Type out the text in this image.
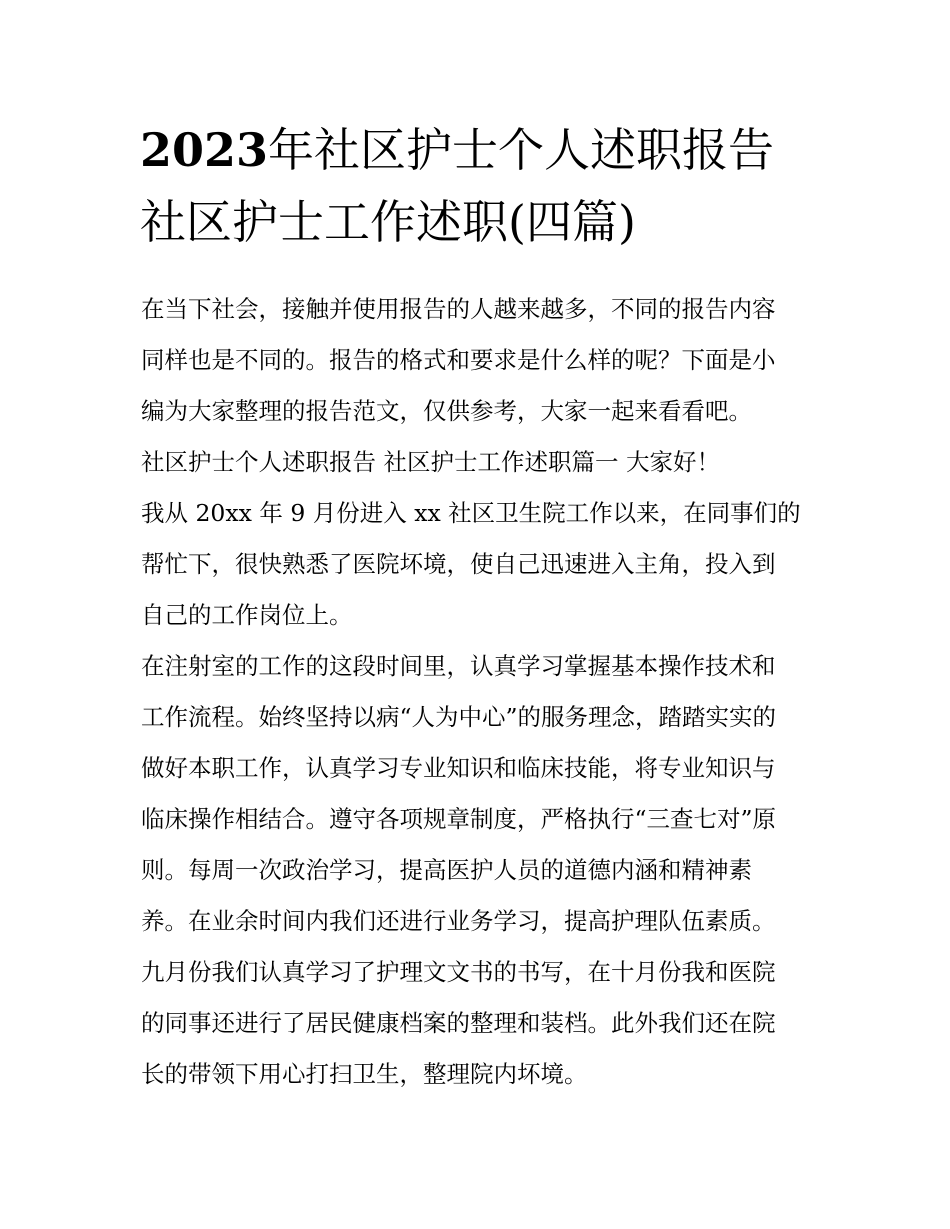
2023年社区护士个人述职报告
社区护士工作述职(四篇)
在当下社会，接触并使用报告的人越来越多，不同的报告内容
同样也是不同的。报告的格式和要求是什么样的呢？下面是小
编为大家整理的报告范文，仅供参考，大家一起来看看吧。
社区护士个人述职报告 社区护士工作述职篇一 大家好！
我从 20xx 年 9 月份进入 xx 社区卫生院工作以来，在同事们的
帮忙下，很快熟悉了医院坏境，使自己迅速进入主角，投入到
自己的工作岗位上。
在注射室的工作的这段时间里，认真学习掌握基本操作技术和
工作流程。始终坚持以病“人为中心”的服务理念，踏踏实实的
做好本职工作，认真学习专业知识和临床技能，将专业知识与
临床操作相结合。遵守各项规章制度，严格执行“三查七对”原
则。每周一次政治学习，提高医护人员的道德内涵和精神素
养。在业余时间内我们还进行业务学习，提高护理队伍素质。
九月份我们认真学习了护理文文书的书写，在十月份我和医院
的同事还进行了居民健康档案的整理和装档。此外我们还在院
长的带领下用心打扫卫生，整理院内坏境。
